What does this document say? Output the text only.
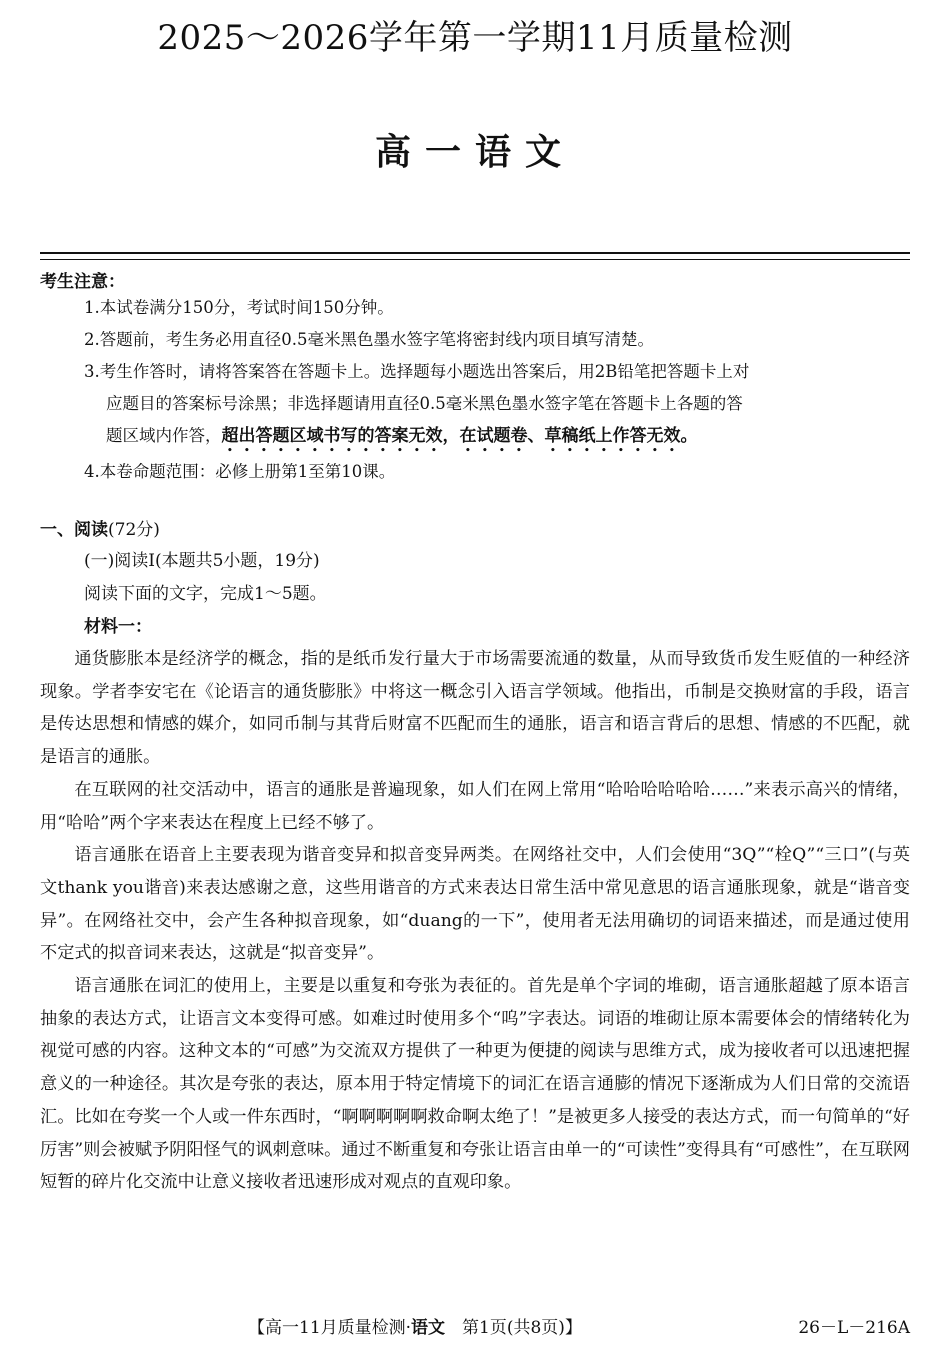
2025～2026学年第一学期11月质量检测
高一语文
考生注意：
1.本试卷满分150分，考试时间150分钟。
2.答题前，考生务必用直径0.5毫米黑色墨水签字笔将密封线内项目填写清楚。
3.考生作答时，请将答案答在答题卡上。选择题每小题选出答案后，用2B铅笔把答题卡上对
应题目的答案标号涂黑；非选择题请用直径0.5毫米黑色墨水签字笔在答题卡上各题的答
题区域内作答，超出答题区域书写的答案无效，在试题卷、草稿纸上作答无效。
4.本卷命题范围：必修上册第1至第10课。
一、阅读(72分)
(一)阅读Ⅰ(本题共5小题，19分)
阅读下面的文字，完成1～5题。
材料一：

通货膨胀本是经济学的概念，指的是纸币发行量大于市场需要流通的数量，从而导致货币发生贬值的一种经济现象。学者李安宅在《论语言的通货膨胀》中将这一概念引入语言学领域。他指出，币制是交换财富的手段，语言是传达思想和情感的媒介，如同币制与其背后财富不匹配而生的通胀，语言和语言背后的思想、情感的不匹配，就是语言的通胀。

在互联网的社交活动中，语言的通胀是普遍现象，如人们在网上常用“哈哈哈哈哈哈……”来表示高兴的情绪，用“哈哈”两个字来表达在程度上已经不够了。

语言通胀在语音上主要表现为谐音变异和拟音变异两类。在网络社交中，人们会使用“3Q”“栓Q”“三口”(与英文thank you谐音)来表达感谢之意，这些用谐音的方式来表达日常生活中常见意思的语言通胀现象，就是“谐音变异”。在网络社交中，会产生各种拟音现象，如“duang的一下”，使用者无法用确切的词语来描述，而是通过使用不定式的拟音词来表达，这就是“拟音变异”。

语言通胀在词汇的使用上，主要是以重复和夸张为表征的。首先是单个字词的堆砌，语言通胀超越了原本语言抽象的表达方式，让语言文本变得可感。如难过时使用多个“呜”字表达。词语的堆砌让原本需要体会的情绪转化为视觉可感的内容。这种文本的“可感”为交流双方提供了一种更为便捷的阅读与思维方式，成为接收者可以迅速把握意义的一种途径。其次是夸张的表达，原本用于特定情境下的词汇在语言通膨的情况下逐渐成为人们日常的交流语汇。比如在夸奖一个人或一件东西时，“啊啊啊啊啊救命啊太绝了！”是被更多人接受的表达方式，而一句简单的“好厉害”则会被赋予阴阳怪气的讽刺意味。通过不断重复和夸张让语言由单一的“可读性”变得具有“可感性”，在互联网短暂的碎片化交流中让意义接收者迅速形成对观点的直观印象。

【高一11月质量检测·语文　 第1页(共8页)】	26－L－216A
